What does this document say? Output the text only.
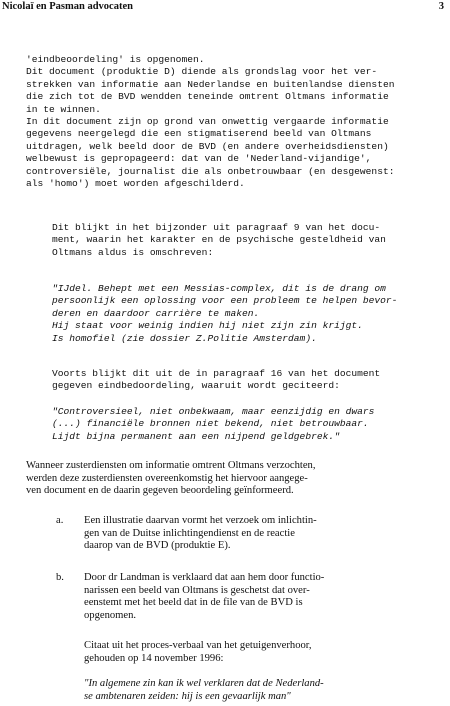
Nicolaï en Pasman advocaten	3

'eindbeoordeling' is opgenomen.

Dit document (produktie D) diende als grondslag voor het ver-

strekken van informatie aan Nederlandse en buitenlandse diensten

die zich tot de BVD wendden teneinde omtrent Oltmans informatie

in te winnen.

In dit document zijn op grond van onwettig vergaarde informatie

gegevens neergelegd die een stigmatiserend beeld van Oltmans

uitdragen, welk beeld door de BVD (en andere overheidsdiensten)

welbewust is gepropageerd: dat van de 'Nederland-vijandige',

controversiële, journalist die als onbetrouwbaar (en desgewenst:

als 'homo') moet worden afgeschilderd.

Dit blijkt in het bijzonder uit paragraaf 9 van het docu-

ment, waarin het karakter en de psychische gesteldheid van

Oltmans aldus is omschreven:

"IJdel. Behept met een Messias-complex, dit is de drang om

persoonlijk een oplossing voor een probleem te helpen bevor-

deren en daardoor carrière te maken.

Hij staat voor weinig indien hij niet zijn zin krijgt.

Is homofiel (zie dossier Z.Politie Amsterdam).

Voorts blijkt dit uit de in paragraaf 16 van het document

gegeven eindbedoordeling, waaruit wordt geciteerd:

"Controversieel, niet onbekwaam, maar eenzijdig en dwars

(...) financiële bronnen niet bekend, niet betrouwbaar.

Lijdt bijna permanent aan een nijpend geldgebrek."

Wanneer zusterdiensten om informatie omtrent Oltmans verzochten,

werden deze zusterdiensten overeenkomstig het hiervoor aangege-

ven document en de daarin gegeven beoordeling geïnformeerd.

a. Een illustratie daarvan vormt het verzoek om inlichtin-

gen van de Duitse inlichtingendienst en de reactie

daarop van de BVD (produktie E).

b. Door dr Landman is verklaard dat aan hem door functio-

narissen een beeld van Oltmans is geschetst dat over-

eenstemt met het beeld dat in de file van de BVD is

opgenomen.

Citaat uit het proces-verbaal van het getuigenverhoor,

gehouden op 14 november 1996:

"In algemene zin kan ik wel verklaren dat de Nederland-

se ambtenaren zeiden: hij is een gevaarlijk man"
